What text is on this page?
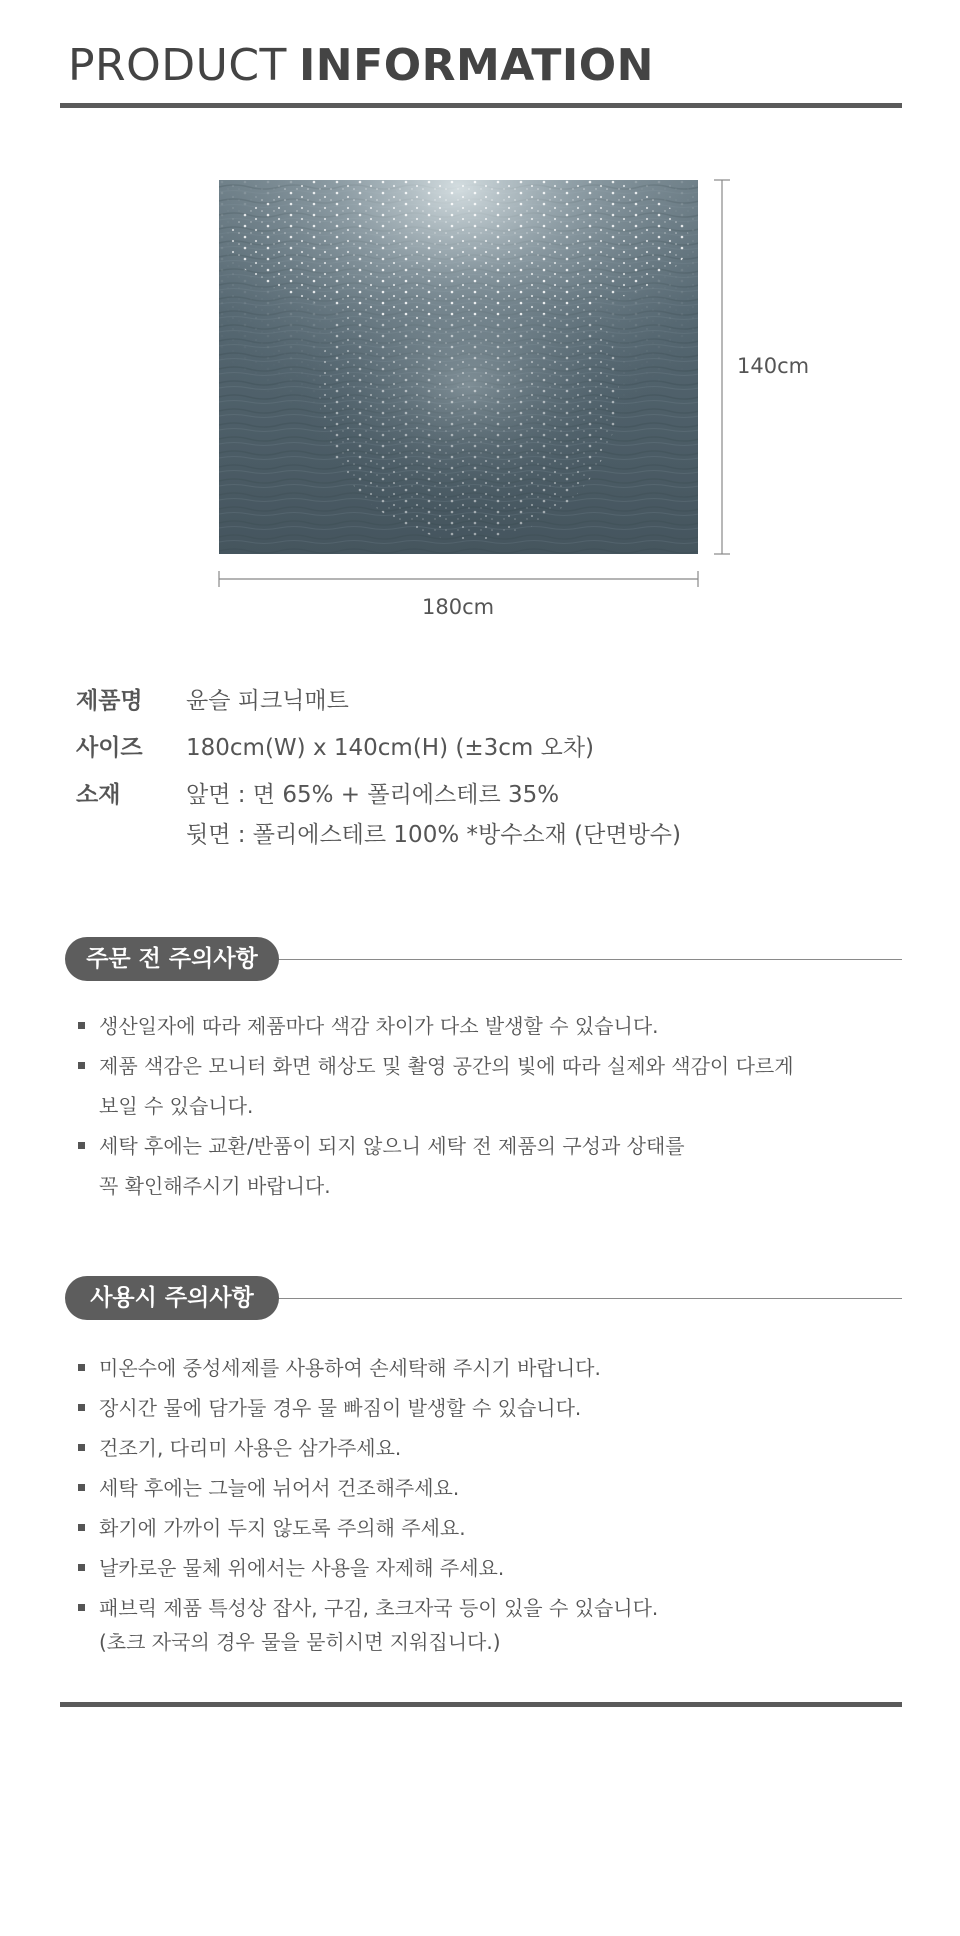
PRODUCT INFORMATION
140cm
180cm
제품명 윤슬 피크닉매트
사이즈 180cm(W) x 140cm(H) (±3cm 오차)
소재	앞면 : 면 65% + 폴리에스테르 35%
뒷면 : 폴리에스테르 100% *방수소재 (단면방수)
주문 전 주의사항
생산일자에 따라 제품마다 색감 차이가 다소 발생할 수 있습니다.
제품 색감은 모니터 화면 해상도 및 촬영 공간의 빛에 따라 실제와 색감이 다르게
보일 수 있습니다.
세탁 후에는 교환/반품이 되지 않으니 세탁 전 제품의 구성과 상태를
꼭 확인해주시기 바랍니다.
사용시 주의사항
미온수에 중성세제를 사용하여 손세탁해 주시기 바랍니다.
장시간 물에 담가둘 경우 물 빠짐이 발생할 수 있습니다.
건조기, 다리미 사용은 삼가주세요.
세탁 후에는 그늘에 뉘어서 건조해주세요.
화기에 가까이 두지 않도록 주의해 주세요.
날카로운 물체 위에서는 사용을 자제해 주세요.
패브릭 제품 특성상 잡사, 구김, 초크자국 등이 있을 수 있습니다.
(초크 자국의 경우 물을 묻히시면 지워집니다.)
